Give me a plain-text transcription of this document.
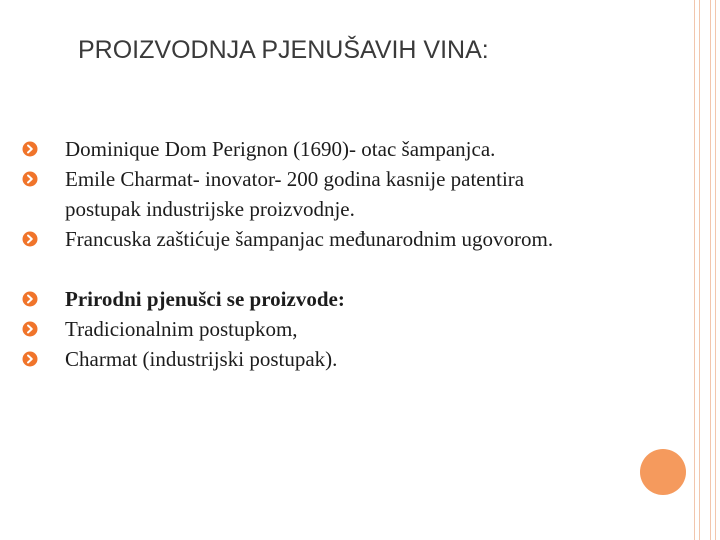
PROIZVODNJA PJENUŠAVIH VINA:
Dominique Dom Perignon (1690)- otac šampanjca.
Emile Charmat- inovator- 200 godina kasnije patentira
postupak industrijske proizvodnje.
Francuska zaštićuje šampanjac međunarodnim ugovorom.
Prirodni pjenušci se proizvode:
Tradicionalnim postupkom,
Charmat (industrijski postupak).
